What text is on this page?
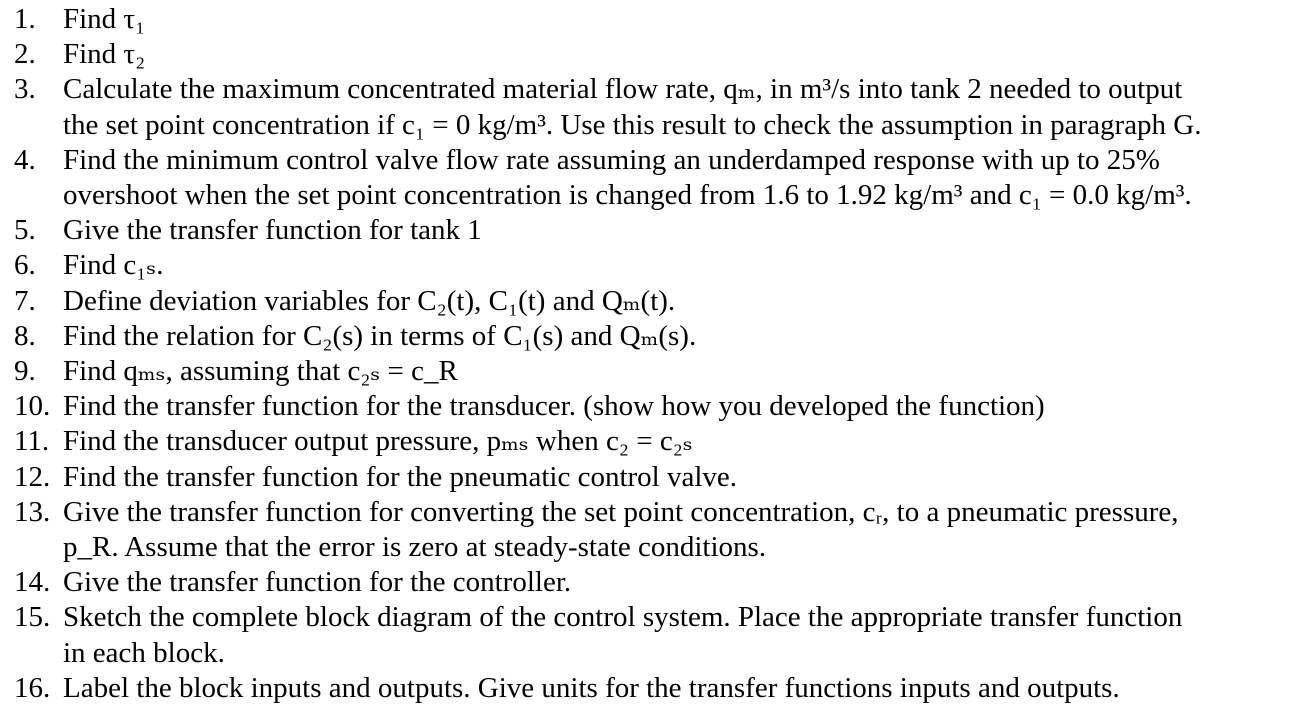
1. Find τ₁
2. Find τ₂
3. Calculate the maximum concentrated material flow rate, qₘ, in m³/s into tank 2 needed to output
the set point concentration if c₁ = 0 kg/m³. Use this result to check the assumption in paragraph G.
4. Find the minimum control valve flow rate assuming an underdamped response with up to 25%
overshoot when the set point concentration is changed from 1.6 to 1.92 kg/m³ and c₁ = 0.0 kg/m³.
5. Give the transfer function for tank 1
6. Find c₁ₛ.
7. Define deviation variables for C₂(t), C₁(t) and Qₘ(t).
8. Find the relation for C₂(s) in terms of C₁(s) and Qₘ(s).
9. Find qₘₛ, assuming that c₂ₛ = c_R
10. Find the transfer function for the transducer. (show how you developed the function)
11. Find the transducer output pressure, pₘₛ when c₂ = c₂ₛ
12. Find the transfer function for the pneumatic control valve.
13. Give the transfer function for converting the set point concentration, cᵣ, to a pneumatic pressure,
p_R. Assume that the error is zero at steady-state conditions.
14. Give the transfer function for the controller.
15. Sketch the complete block diagram of the control system. Place the appropriate transfer function
in each block.
16. Label the block inputs and outputs. Give units for the transfer functions inputs and outputs.
